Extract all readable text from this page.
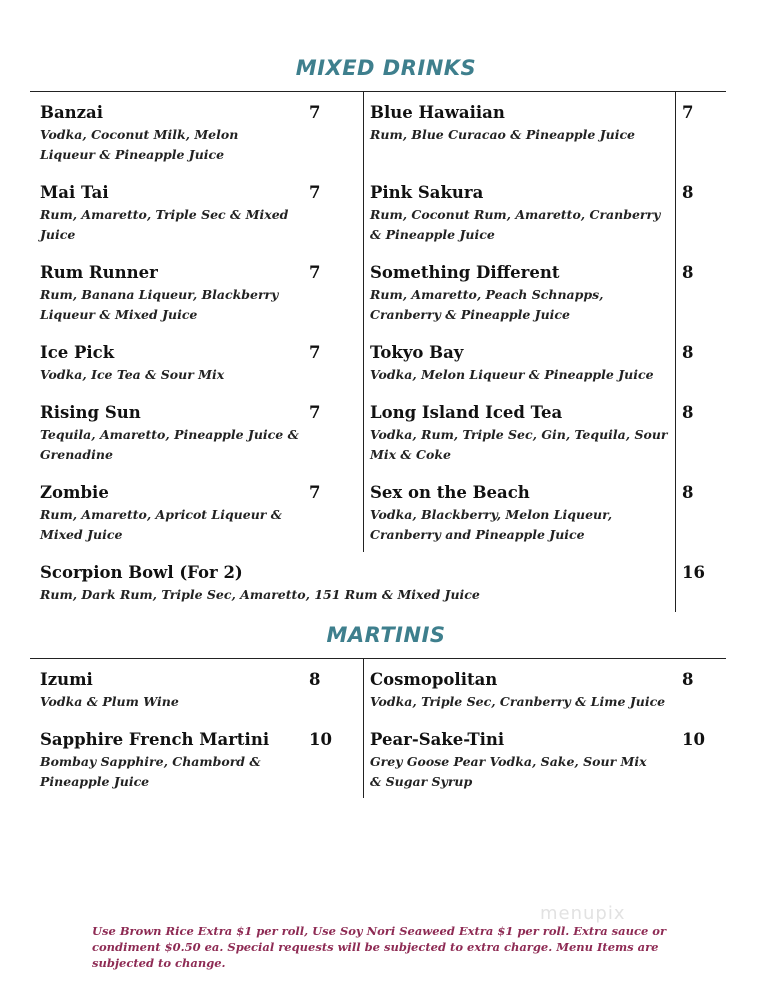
MIXED DRINKS
Banzai
Vodka, Coconut Milk, Melon Liqueur & Pineapple Juice
7
Mai Tai
Rum, Amaretto, Triple Sec & Mixed Juice
7
Rum Runner
Rum, Banana Liqueur, Blackberry Liqueur & Mixed Juice
7
Ice Pick
Vodka, Ice Tea & Sour Mix
7
Rising Sun
Tequila, Amaretto, Pineapple Juice & Grenadine
7
Zombie
Rum, Amaretto, Apricot Liqueur & Mixed Juice
7
Blue Hawaiian
Rum, Blue Curacao & Pineapple Juice
7
Pink Sakura
Rum, Coconut Rum, Amaretto, Cranberry & Pineapple Juice
8
Something Different
Rum, Amaretto, Peach Schnapps, Cranberry & Pineapple Juice
8
Tokyo Bay
Vodka, Melon Liqueur & Pineapple Juice
8
Long Island Iced Tea
Vodka, Rum, Triple Sec, Gin, Tequila, Sour Mix & Coke
8
Sex on the Beach
Vodka, Blackberry, Melon Liqueur, Cranberry and Pineapple Juice
8
Scorpion Bowl (For 2)
Rum, Dark Rum, Triple Sec, Amaretto, 151 Rum & Mixed Juice
16
MARTINIS
Izumi
Vodka & Plum Wine
8
Sapphire French Martini
Bombay Sapphire, Chambord & Pineapple Juice
10
Cosmopolitan
Vodka, Triple Sec, Cranberry & Lime Juice
8
Pear-Sake-Tini
Grey Goose Pear Vodka, Sake, Sour Mix & Sugar Syrup
10
menupix
Use Brown Rice Extra $1 per roll, Use Soy Nori Seaweed Extra $1 per roll. Extra sauce or condiment $0.50 ea. Special requests will be subjected to extra charge. Menu Items are subjected to change.
